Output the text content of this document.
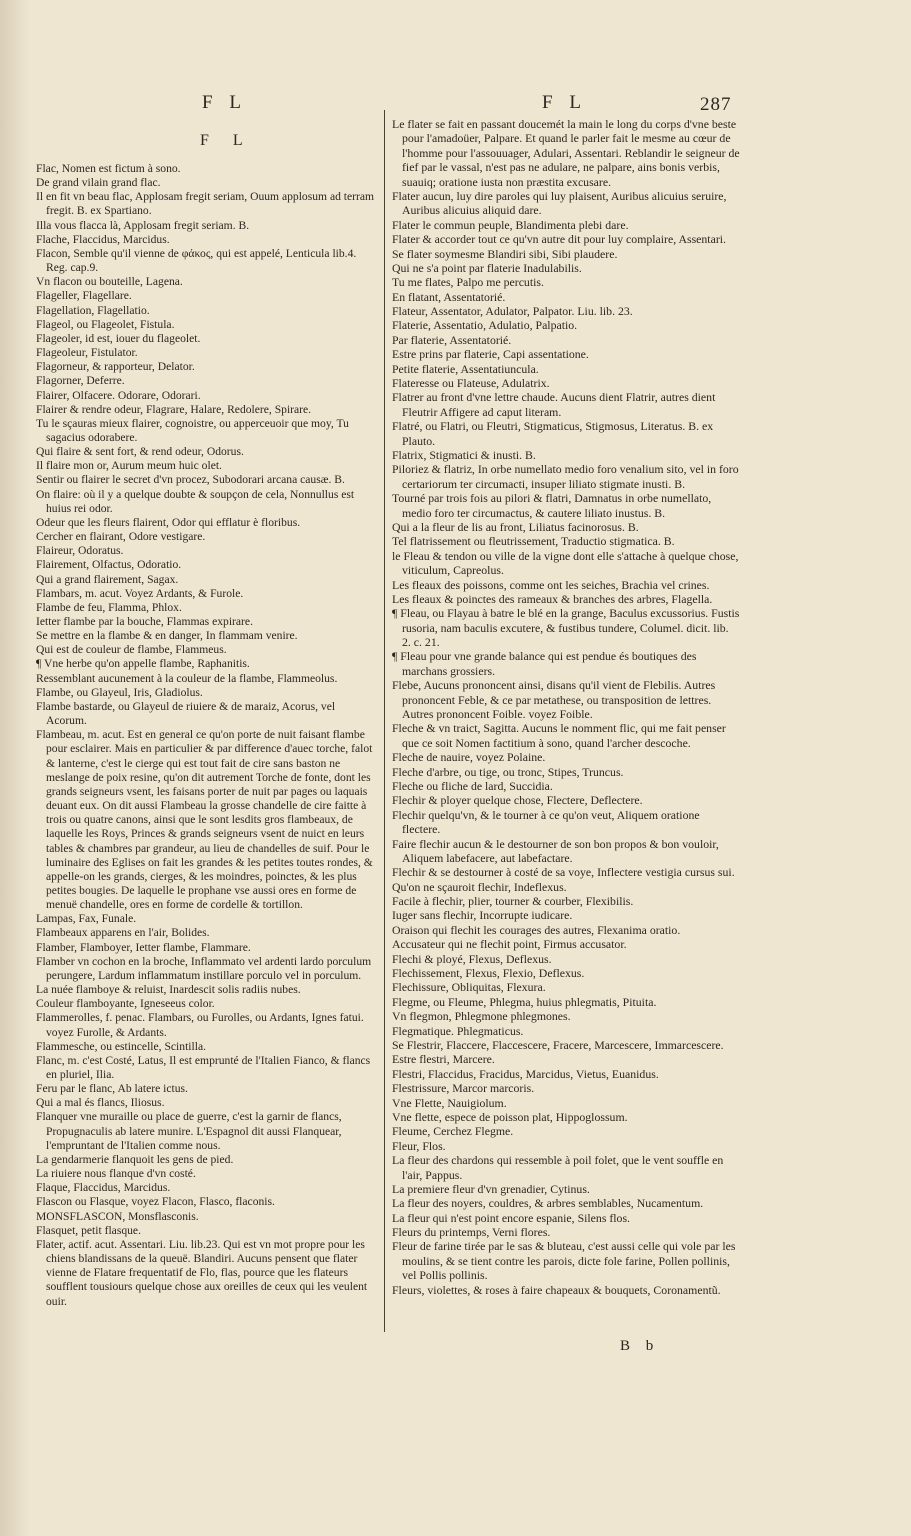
F L	F L	287
F L

Flac, Nomen est fictum à sono.

De grand vilain grand flac.

Il en fit vn beau flac, Applosam fregit seriam, Ouum applosum ad terram fregit. B. ex Spartiano.

Illa vous flacca là, Applosam fregit seriam. B.

Flache, Flaccidus, Marcidus.

Flacon, Semble qu'il vienne de φάκος, qui est appelé, Lenticula lib.4. Reg. cap.9.

Vn flacon ou bouteille, Lagena.

Flageller, Flagellare.

Flagellation, Flagellatio.

Flageol, ou Flageolet, Fistula.

Flageoler, id est, iouer du flageolet.

Flageoleur, Fistulator.

Flagorneur, & rapporteur, Delator.

Flagorner, Deferre.

Flairer, Olfacere. Odorare, Odorari.

Flairer & rendre odeur, Flagrare, Halare, Redolere, Spirare.

Tu le sçauras mieux flairer, cognoistre, ou apperceuoir que moy, Tu sagacius odorabere.

Qui flaire & sent fort, & rend odeur, Odorus.

Il flaire mon or, Aurum meum huic olet.

Sentir ou flairer le secret d'vn procez, Subodorari arcana causæ. B.

On flaire: où il y a quelque doubte & soupçon de cela, Nonnullus est huius rei odor.

Odeur que les fleurs flairent, Odor qui efflatur è floribus.

Cercher en flairant, Odore vestigare.

Flaireur, Odoratus.

Flairement, Olfactus, Odoratio.

Qui a grand flairement, Sagax.

Flambars, m. acut. Voyez Ardants, & Furole.

Flambe de feu, Flamma, Phlox.

Ietter flambe par la bouche, Flammas expirare.

Se mettre en la flambe & en danger, In flammam venire.

Qui est de couleur de flambe, Flammeus.

¶ Vne herbe qu'on appelle flambe, Raphanitis.

Ressemblant aucunement à la couleur de la flambe, Flammeolus.

Flambe, ou Glayeul, Iris, Gladiolus.

Flambe bastarde, ou Glayeul de riuiere & de maraiz, Acorus, vel Acorum.

Flambeau, m. acut. Est en general ce qu'on porte de nuit faisant flambe pour esclairer. Mais en particulier & par difference d'auec torche, falot & lanterne, c'est le cierge qui est tout fait de cire sans baston ne meslange de poix resine, qu'on dit autrement Torche de fonte, dont les grands seigneurs vsent, les faisans porter de nuit par pages ou laquais deuant eux. On dit aussi Flambeau la grosse chandelle de cire faitte à trois ou quatre canons, ainsi que le sont lesdits gros flambeaux, de laquelle les Roys, Princes & grands seigneurs vsent de nuict en leurs tables & chambres par grandeur, au lieu de chandelles de suif. Pour le luminaire des Eglises on fait les grandes & les petites toutes rondes, & appelle-on les grands, cierges, & les moindres, poinctes, & les plus petites bougies. De laquelle le prophane vse aussi ores en forme de menuë chandelle, ores en forme de cordelle & tortillon.

Lampas, Fax, Funale.

Flambeaux apparens en l'air, Bolides.

Flamber, Flamboyer, Ietter flambe, Flammare.

Flamber vn cochon en la broche, Inflammato vel ardenti lardo porculum perungere, Lardum inflammatum instillare porculo vel in porculum.

La nuée flamboye & reluist, Inardescit solis radiis nubes.

Couleur flamboyante, Igneseeus color.

Flammerolles, f. penac. Flambars, ou Furolles, ou Ardants, Ignes fatui. voyez Furolle, & Ardants.

Flammesche, ou estincelle, Scintilla.

Flanc, m. c'est Costé, Latus, Il est emprunté de l'Italien Fianco, & flancs en pluriel, Ilia.

Feru par le flanc, Ab latere ictus.

Qui a mal és flancs, Iliosus.

Flanquer vne muraille ou place de guerre, c'est la garnir de flancs, Propugnaculis ab latere munire. L'Espagnol dit aussi Flanquear, l'empruntant de l'Italien comme nous.

La gendarmerie flanquoit les gens de pied.

La riuiere nous flanque d'vn costé.

Flaque, Flaccidus, Marcidus.

Flascon ou Flasque, voyez Flacon, Flasco, flaconis.

MONSFLASCON, Monsflasconis.

Flasquet, petit flasque.

Flater, actif. acut. Assentari. Liu. lib.23. Qui est vn mot propre pour les chiens blandissans de la queuë. Blandiri. Aucuns pensent que flater vienne de Flatare frequentatif de Flo, flas, pource que les flateurs soufflent tousiours quelque chose aux oreilles de ceux qui les veulent ouir.

Le flater se fait en passant doucemét la main le long du corps d'vne beste pour l'amadoüer, Palpare. Et quand le parler fait le mesme au cœur de l'homme pour l'assouuager, Adulari, Assentari. Reblandir le seigneur de fief par le vassal, n'est pas ne adulare, ne palpare, ains bonis verbis, suauiq; oratione iusta non præstita excusare.

Flater aucun, luy dire paroles qui luy plaisent, Auribus alicuius seruire, Auribus alicuius aliquid dare.

Flater le commun peuple, Blandimenta plebi dare.

Flater & accorder tout ce qu'vn autre dit pour luy complaire, Assentari.

Se flater soymesme Blandiri sibi, Sibi plaudere.

Qui ne s'a point par flaterie Inadulabilis.

Tu me flates, Palpo me percutis.

En flatant, Assentatorié.

Flateur, Assentator, Adulator, Palpator. Liu. lib. 23.

Flaterie, Assentatio, Adulatio, Palpatio.

Par flaterie, Assentatorié.

Estre prins par flaterie, Capi assentatione.

Petite flaterie, Assentatiuncula.

Flateresse ou Flateuse, Adulatrix.

Flatrer au front d'vne lettre chaude. Aucuns dient Flatrir, autres dient Fleutrir Affigere ad caput literam.

Flatré, ou Flatri, ou Fleutri, Stigmaticus, Stigmosus, Literatus. B. ex Plauto.

Flatrix, Stigmatici & inusti. B.

Piloriez & flatriz, In orbe numellato medio foro venalium sito, vel in foro certariorum ter circumacti, insuper liliato stigmate inusti. B.

Tourné par trois fois au pilori & flatri, Damnatus in orbe numellato, medio foro ter circumactus, & cautere liliato inustus. B.

Qui a la fleur de lis au front, Liliatus facinorosus. B.

Tel flatrissement ou fleutrissement, Traductio stigmatica. B.

le Fleau & tendon ou ville de la vigne dont elle s'attache à quelque chose, viticulum, Capreolus.

Les fleaux des poissons, comme ont les seiches, Brachia vel crines.

Les fleaux & poinctes des rameaux & branches des arbres, Flagella.

¶ Fleau, ou Flayau à batre le blé en la grange, Baculus excussorius. Fustis rusoria, nam baculis excutere, & fustibus tundere, Columel. dicit. lib. 2. c. 21.

¶ Fleau pour vne grande balance qui est pendue és boutiques des marchans grossiers.

Flebe, Aucuns prononcent ainsi, disans qu'il vient de Flebilis. Autres prononcent Feble, & ce par metathese, ou transposition de lettres. Autres prononcent Foible. voyez Foible.

Fleche & vn traict, Sagitta. Aucuns le nomment flic, qui me fait penser que ce soit Nomen factitium à sono, quand l'archer descoche.

Fleche de nauire, voyez Polaine.

Fleche d'arbre, ou tige, ou tronc, Stipes, Truncus.

Fleche ou fliche de lard, Succidia.

Flechir & ployer quelque chose, Flectere, Deflectere.

Flechir quelqu'vn, & le tourner à ce qu'on veut, Aliquem oratione flectere.

Faire flechir aucun & le destourner de son bon propos & bon vouloir, Aliquem labefacere, aut labefactare.

Flechir & se destourner à costé de sa voye, Inflectere vestigia cursus sui.

Qu'on ne sçauroit flechir, Indeflexus.

Facile à flechir, plier, tourner & courber, Flexibilis.

Iuger sans flechir, Incorrupte iudicare.

Oraison qui flechit les courages des autres, Flexanima oratio.

Accusateur qui ne flechit point, Firmus accusator.

Flechi & ployé, Flexus, Deflexus.

Flechissement, Flexus, Flexio, Deflexus.

Flechissure, Obliquitas, Flexura.

Flegme, ou Fleume, Phlegma, huius phlegmatis, Pituita.

Vn flegmon, Phlegmone phlegmones.

Flegmatique. Phlegmaticus.

Se Flestrir, Flaccere, Flaccescere, Fracere, Marcescere, Immarcescere.

Estre flestri, Marcere.

Flestri, Flaccidus, Fracidus, Marcidus, Vietus, Euanidus.

Flestrissure, Marcor marcoris.

Vne Flette, Nauigiolum.

Vne flette, espece de poisson plat, Hippoglossum.

Fleume, Cerchez Flegme.

Fleur, Flos.

La fleur des chardons qui ressemble à poil folet, que le vent souffle en l'air, Pappus.

La premiere fleur d'vn grenadier, Cytinus.

La fleur des noyers, couldres, & arbres semblables, Nucamentum.

La fleur qui n'est point encore espanie, Silens flos.

Fleurs du printemps, Verni flores.

Fleur de farine tirée par le sas & bluteau, c'est aussi celle qui vole par les moulins, & se tient contre les parois, dicte fole farine, Pollen pollinis, vel Pollis pollinis.

Fleurs, violettes, & roses à faire chapeaux & bouquets, Coronamentũ.

B b
